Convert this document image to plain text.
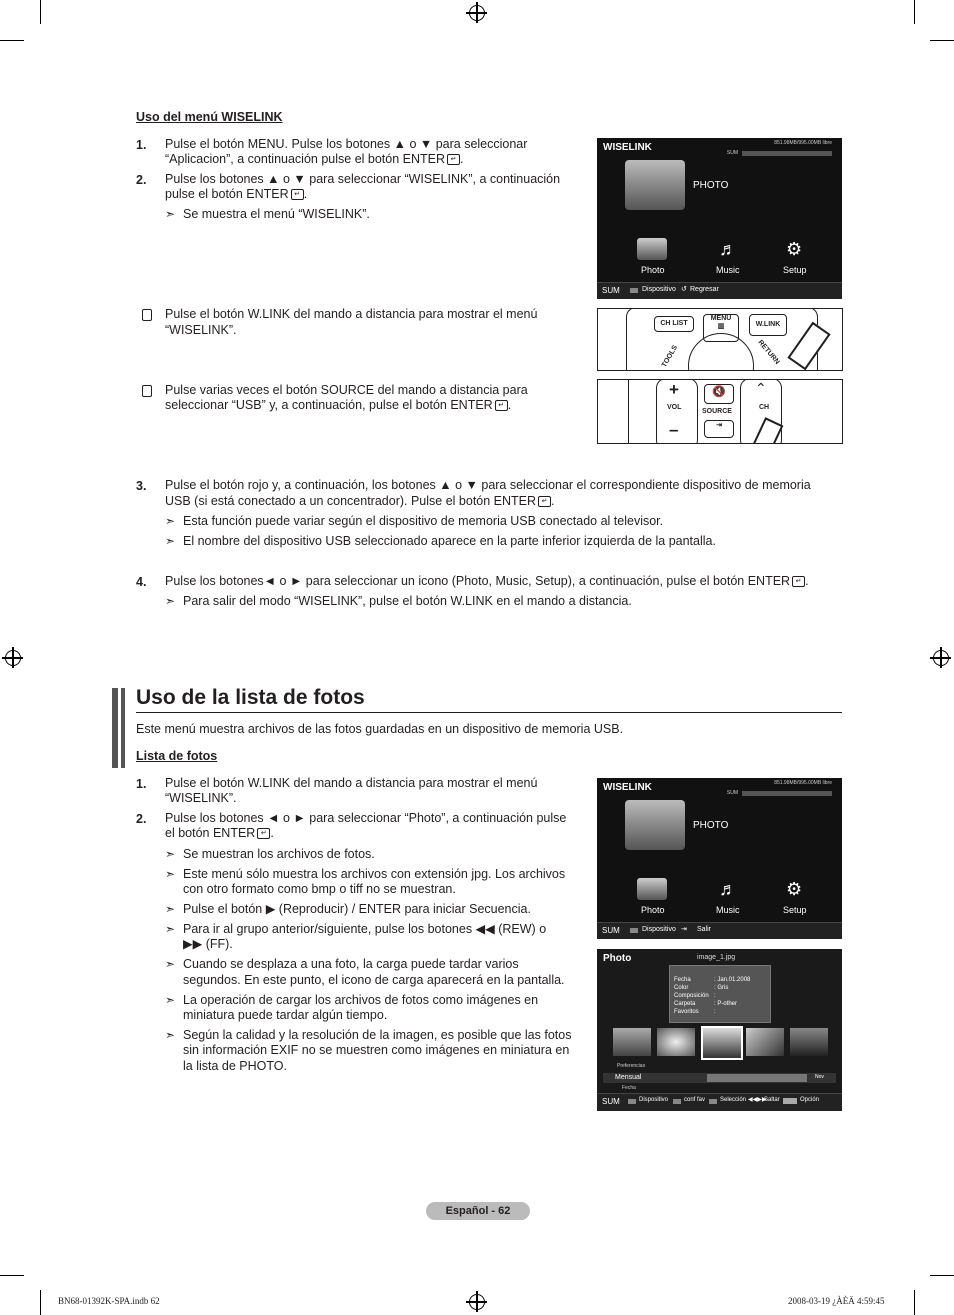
Uso del menú WISELINK
1. Pulse el botón MENU. Pulse los botones ▲ o ▼ para seleccionar
“Aplicacion”, a continuación pulse el botón ENTER ↵ .
2. Pulse los botones ▲ o ▼ para seleccionar “WISELINK”, a continuación
pulse el botón ENTER ↵ .
➣ Se muestra el menú “WISELINK”.
Pulse el botón W.LINK del mando a distancia para mostrar el menú
“WISELINK”.
Pulse varias veces el botón SOURCE del mando a distancia para
seleccionar “USB” y, a continuación, pulse el botón ENTER ↵ .
WISELINK	851.98MB/995.00MB libre
SUM
PHOTO
Photo
♬
Music
⚙
Setup
SUM	Dispositivo ↺ Regresar
CH LIST
MENU
▥	W.LINK
TOOLS	RETURN
+
VOL
–
🔇
SOURCE
⇥
⌃
CH
3. Pulse el botón rojo y, a continuación, los botones ▲ o ▼ para seleccionar el correspondiente dispositivo de memoria
USB (si está conectado a un concentrador). Pulse el botón ENTER ↵ .
➣ Esta función puede variar según el dispositivo de memoria USB conectado al televisor.
➣ El nombre del dispositivo USB seleccionado aparece en la parte inferior izquierda de la pantalla.
4. Pulse los botones◄ o ► para seleccionar un icono (Photo, Music, Setup), a continuación, pulse el botón ENTER ↵ .
➣ Para salir del modo “WISELINK”, pulse el botón W.LINK en el mando a distancia.
Uso de la lista de fotos
Este menú muestra archivos de las fotos guardadas en un dispositivo de memoria USB.
Lista de fotos
1. Pulse el botón W.LINK del mando a distancia para mostrar el menú
“WISELINK”.
2. Pulse los botones ◄ o ► para seleccionar “Photo”, a continuación pulse
el botón ENTER ↵ .
➣ Se muestran los archivos de fotos.
➣ Este menú sólo muestra los archivos con extensión jpg. Los archivos
con otro formato como bmp o tiff no se muestran.
➣ Pulse el botón ▶ (Reproducir) / ENTER para iniciar Secuencia.
➣ Para ir al grupo anterior/siguiente, pulse los botones ◀◀ (REW) o
▶▶ (FF).
➣ Cuando se desplaza a una foto, la carga puede tardar varios
segundos. En este punto, el icono de carga aparecerá en la pantalla.
➣ La operación de cargar los archivos de fotos como imágenes en
miniatura puede tardar algún tiempo.
➣ Según la calidad y la resolución de la imagen, es posible que las fotos
sin información EXIF no se muestren como imágenes en miniatura en
la lista de PHOTO.
WISELINK	851.98MB/995.00MB libre
SUM
PHOTO
Photo
♬
Music
⚙
Setup
SUM	Dispositivo ⇥ Salir
Photo	image_1.jpg
Fecha
Color
Composición
Carpeta
Favoritos
: Jan.01.2008
: Gris
:
: P-other
:
Preferencias
Mensual	Nov
Fecha
SUM	Dispositivo	conf fav Selección ◀◀▶▶
Saltar	Opción
Español - 62
BN68-01392K-SPA.indb 62	2008-03-19 ¿ÀÈÄ 4:59:45
